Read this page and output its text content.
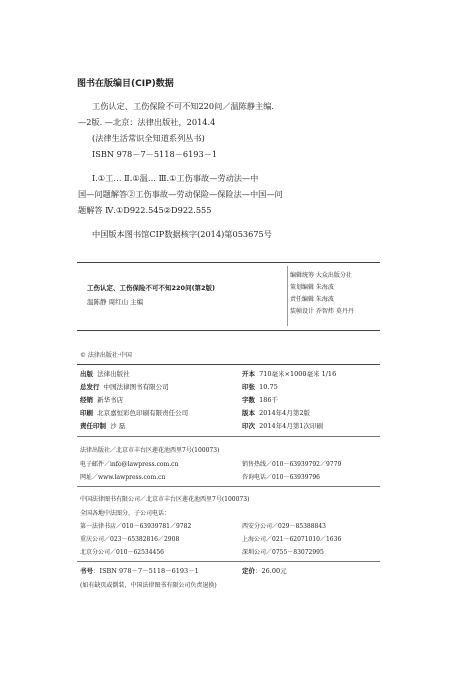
图书在版编目(CIP)数据
工伤认定、工伤保险不可不知220问／温陈静主编.
—2版. —北京：法律出版社，2014.4
(法律生活常识全知道系列丛书)
ISBN 978－7－5118－6193－1
Ⅰ.①工… Ⅱ.①温… Ⅲ.①工伤事故—劳动法—中
国—问题解答②工伤事故—劳动保险—保险法—中国—问
题解答 Ⅳ.①D922.545②D922.555
中国版本图书馆CIP数据核字(2014)第053675号
工伤认定、工伤保险不可不知220问(第2版)
温陈静 周红山 主编
编辑统筹 大众出版分社
策划编辑 朱海波
责任编辑 朱海波
装帧设计 乔智炜 莫丹丹
© 法律出版社·中国
出版 法律出版社
总发行 中国法律图书有限公司
经销 新华书店
印刷 北京嘉恒彩色印刷有限责任公司
责任印制 沙 磊
开本 710毫米×1000毫米 1/16
印张 10.75
字数 186千
版本 2014年4月第2版
印次 2014年4月第1次印刷
法律出版社／北京市丰台区莲花池西里7号(100073)
电子邮件／info@lawpress.com.cn
网址／www.lawpress.com.cn
销售热线／010－63939792／9779
咨询电话／010－63939796
中国法律图书有限公司／北京市丰台区莲花池西里7号(100073)
全国各地中法图分、子公司电话：
第一法律书店／010－63939781／9782
重庆公司／023－65382816／2908
北京分公司／010－62534456
西安分公司／029－85388843
上海公司／021－62071010／1636
深圳公司／0755－83072995
书号：ISBN 978－7－5118－6193－1	定价：26.00元
(如有缺页或倒装，中国法律图书有限公司负责退换)
